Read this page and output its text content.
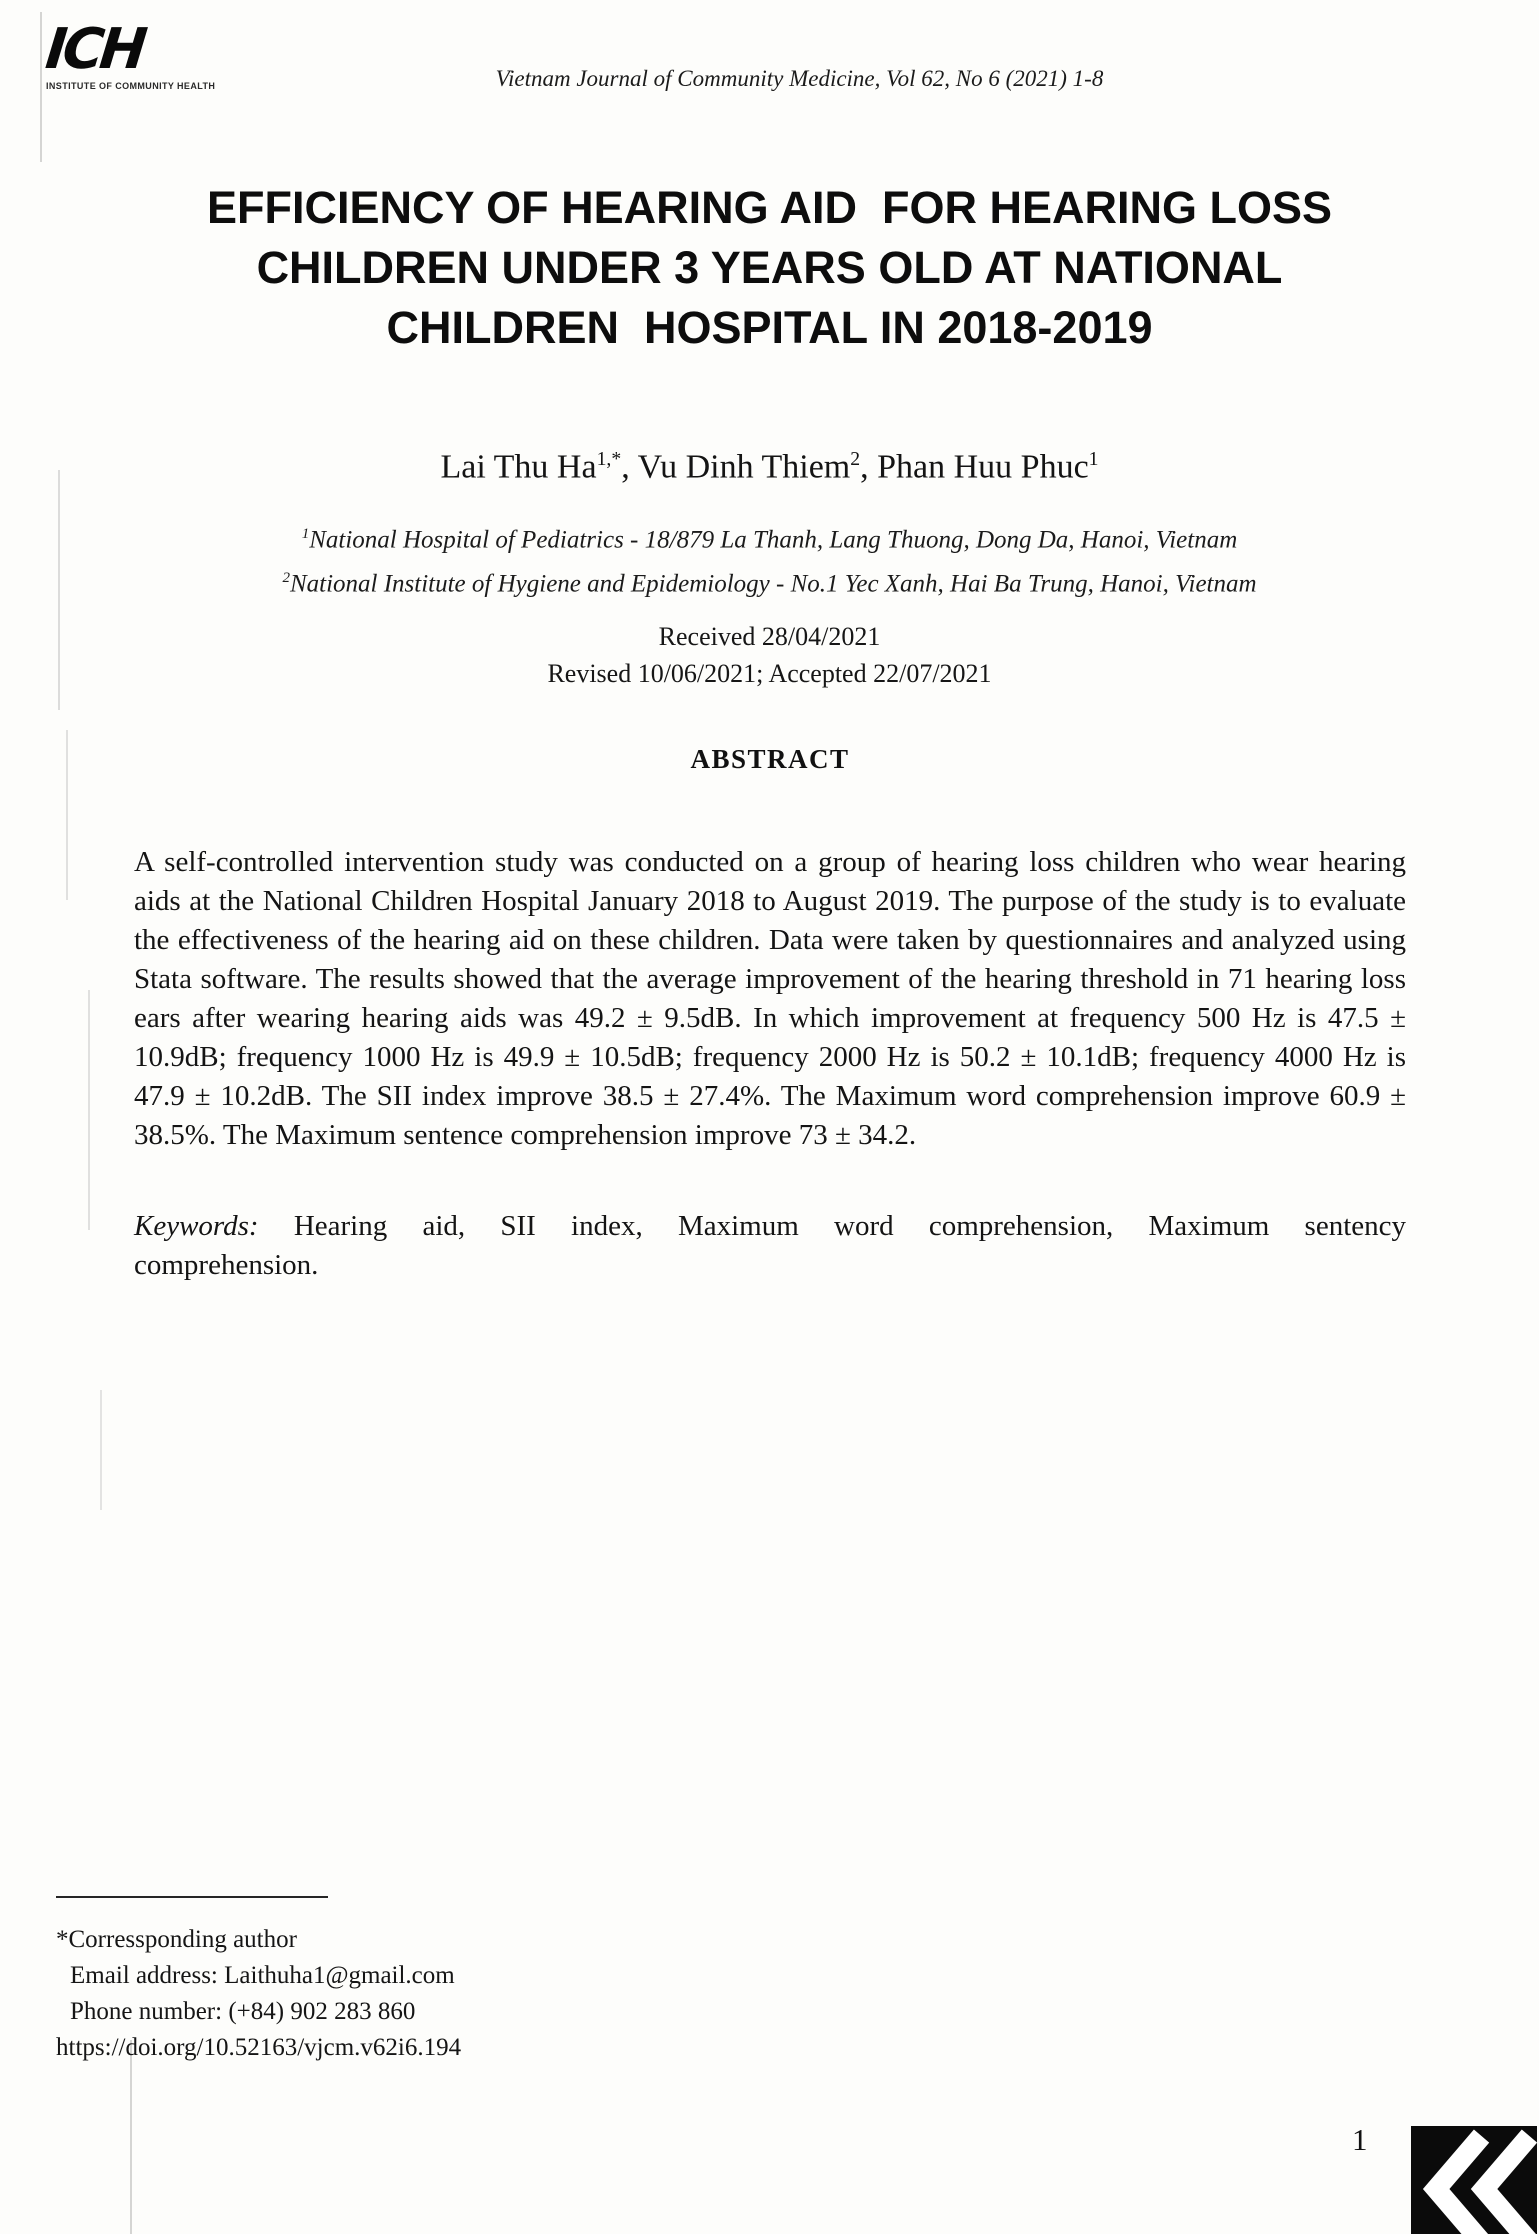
ICH
INSTITUTE OF COMMUNITY HEALTH	Vietnam Journal of Community Medicine, Vol 62, No 6 (2021) 1-8
EFFICIENCY OF HEARING AID  FOR HEARING LOSS
CHILDREN UNDER 3 YEARS OLD AT NATIONAL
CHILDREN  HOSPITAL IN 2018-2019
Lai Thu $Ha^{1,*}$, Vu Dinh Thiem$^2$, Phan Huu Phuc$^1$
$^1$National Hospital of Pediatrics - 18/879 La Thanh, Lang Thuong, Dong Da, Hanoi, Vietnam
$^2$National Institute of Hygiene and Epidemiology - No.1 Yec Xanh, Hai Ba Trung, Hanoi, Vietnam
Received 28/04/2021
Revised 10/06/2021; Accepted 22/07/2021
ABSTRACT

A self-controlled intervention study was conducted on a group of hearing loss children who wear hearing aids at the National Children Hospital January 2018 to August 2019. The purpose of the study is to evaluate the effectiveness of the hearing aid on these children. Data were taken by questionnaires and analyzed using Stata software. The results showed that the average improvement of the hearing threshold in 71 hearing loss ears after wearing hearing aids was 49.2 ± 9.5dB. In which improvement at frequency 500 Hz is 47.5 ± 10.9dB; frequency 1000 Hz is 49.9 ± 10.5dB; frequency 2000 Hz is 50.2 ± 10.1dB; frequency 4000 Hz is 47.9 ± 10.2dB. The SII index improve 38.5 ± 27.4%. The Maximum word comprehension improve 60.9 ± 38.5%. The Maximum sentence comprehension improve 73 ± 34.2.

Keywords: Hearing aid, SII index, Maximum word comprehension, Maximum sentency comprehension.

*Corressponding author
Email address: Laithuha1@gmail.com
Phone number: (+84) 902 283 860
https://doi.org/10.52163/vjcm.v62i6.194
1
